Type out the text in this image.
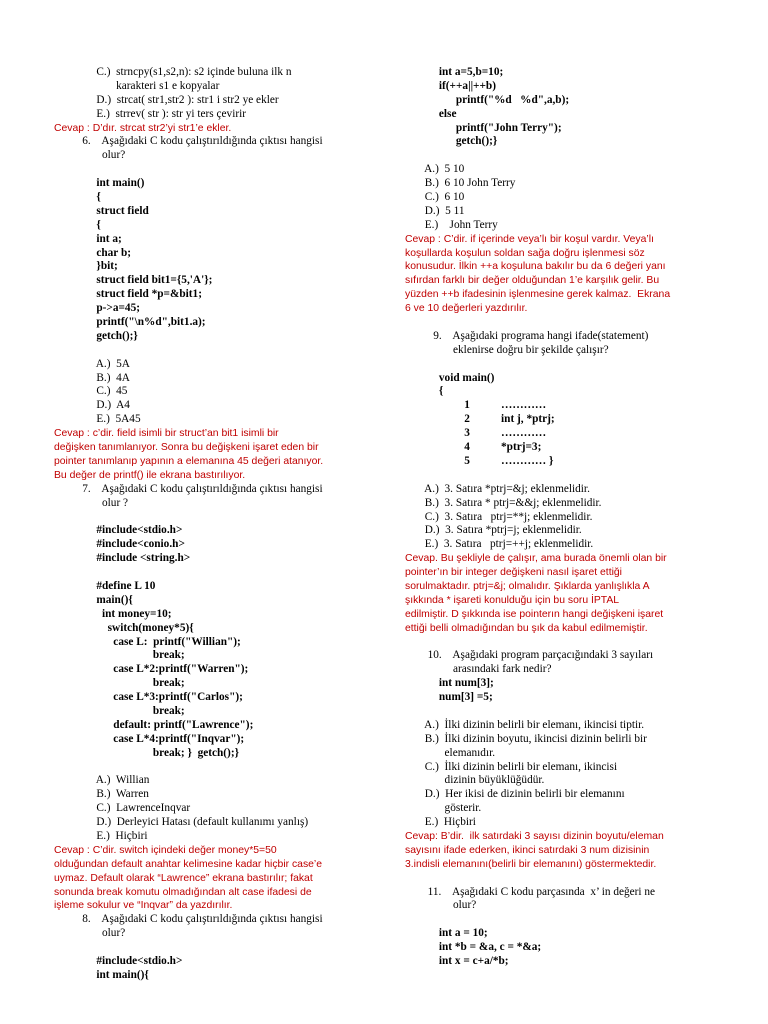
C.)  strncpy(s1,s2,n): s2 içinde buluna ilk n
karakteri s1 e kopyalar
D.)  strcat( str1,str2 ): str1 i str2 ye ekler
E.)  strrev( str ): str yi ters çevirir
Cevap : D’dır. strcat str2’yi str1’e ekler.
6.    Aşağıdaki C kodu çalıştırıldığında çıktısı hangisi
olur?
int main()
{
struct field
{
int a;
char b;
}bit;
struct field bit1={5,'A'};
struct field *p=&bit1;
p->a=45;
printf("\n%d",bit1.a);
getch();}
A.)  5A
B.)  4A
C.)  45
D.)  A4
E.)  5A45
Cevap : c’dir. field isimli bir struct’an bit1 isimli bir
değişken tanımlanıyor. Sonra bu değişkeni işaret eden bir
pointer tanımlanıp yapının a elemanına 45 değeri atanıyor.
Bu değer de printf() ile ekrana bastırılıyor.
7.    Aşağıdaki C kodu çalıştırıldığında çıktısı hangisi
olur ?
#include<stdio.h>
#include<conio.h>
#include <string.h>
#define L 10
main(){
int money=10;
switch(money*5){
case L:  printf("Willian");
break;
case L*2:printf("Warren");
break;
case L*3:printf("Carlos");
break;
default: printf("Lawrence");
case L*4:printf("Inqvar");
break; }  getch();}
A.)  Willian
B.)  Warren
C.)  LawrenceInqvar
D.)  Derleyici Hatası (default kullanımı yanlış)
E.)  Hiçbiri
Cevap : C’dir. switch içindeki değer money*5=50
olduğundan default anahtar kelimesine kadar hiçbir case’e
uymaz. Default olarak “Lawrence” ekrana bastırılır; fakat
sonunda break komutu olmadığından alt case ifadesi de
işleme sokulur ve “Inqvar” da yazdırılır.
8.    Aşağıdaki C kodu çalıştırıldığında çıktısı hangisi
olur?
#include<stdio.h>
int main(){
int a=5,b=10;
if(++a||++b)
printf("%d   %d",a,b);
else
printf("John Terry");
getch();}
A.)  5 10
B.)  6 10 John Terry
C.)  6 10
D.)  5 11
E.)    John Terry
Cevap : C’dir. if içerinde veya’lı bir koşul vardır. Veya’lı
koşullarda koşulun soldan sağa doğru işlenmesi söz
konusudur. İlkin ++a koşuluna bakılır bu da 6 değeri yanı
sıfırdan farklı bir değer olduğundan 1’e karşılık gelir. Bu
yüzden ++b ifadesinin işlenmesine gerek kalmaz.  Ekrana
6 ve 10 değerleri yazdırılır.
9.    Aşağıdaki programa hangi ifade(statement)
eklenirse doğru bir şekilde çalışır?
void main()
{
1           …………
2           int j, *ptrj;
3           …………
4           *ptrj=3;
5           ………… }
A.)  3. Satıra *ptrj=&j; eklenmelidir.
B.)  3. Satıra * ptrj=&&j; eklenmelidir.
C.)  3. Satıra   ptrj=**j; eklenmelidir.
D.)  3. Satıra *ptrj=j; eklenmelidir.
E.)  3. Satıra   ptrj=++j; eklenmelidir.
Cevap. Bu şekliyle de çalışır, ama burada önemli olan bir
pointer’ın bir integer değişkeni nasıl işaret ettiği
sorulmaktadır. ptrj=&j; olmalıdır. Şıklarda yanlışlıkla A
şıkkında * işareti konulduğu için bu soru İPTAL
edilmiştir. D şıkkında ise pointerın hangi değişkeni işaret
ettiği belli olmadığından bu şık da kabul edilmemiştir.
10.    Aşağıdaki program parçacığındaki 3 sayıları
arasındaki fark nedir?
int num[3];
num[3] =5;
A.)  İlki dizinin belirli bir elemanı, ikincisi tiptir.
B.)  İlki dizinin boyutu, ikincisi dizinin belirli bir
elemanıdır.
C.)  İlki dizinin belirli bir elemanı, ikincisi
dizinin büyüklüğüdür.
D.)  Her ikisi de dizinin belirli bir elemanını
gösterir.
E.)  Hiçbiri
Cevap: B’dir.  ilk satırdaki 3 sayısı dizinin boyutu/eleman
sayısını ifade ederken, ikinci satırdaki 3 num dizisinin
3.indisli elemanını(belirli bir elemanını) göstermektedir.
11.    Aşağıdaki C kodu parçasında  x’ in değeri ne
olur?
int a = 10;
int *b = &a, c = *&a;
int x = c+a/*b;
